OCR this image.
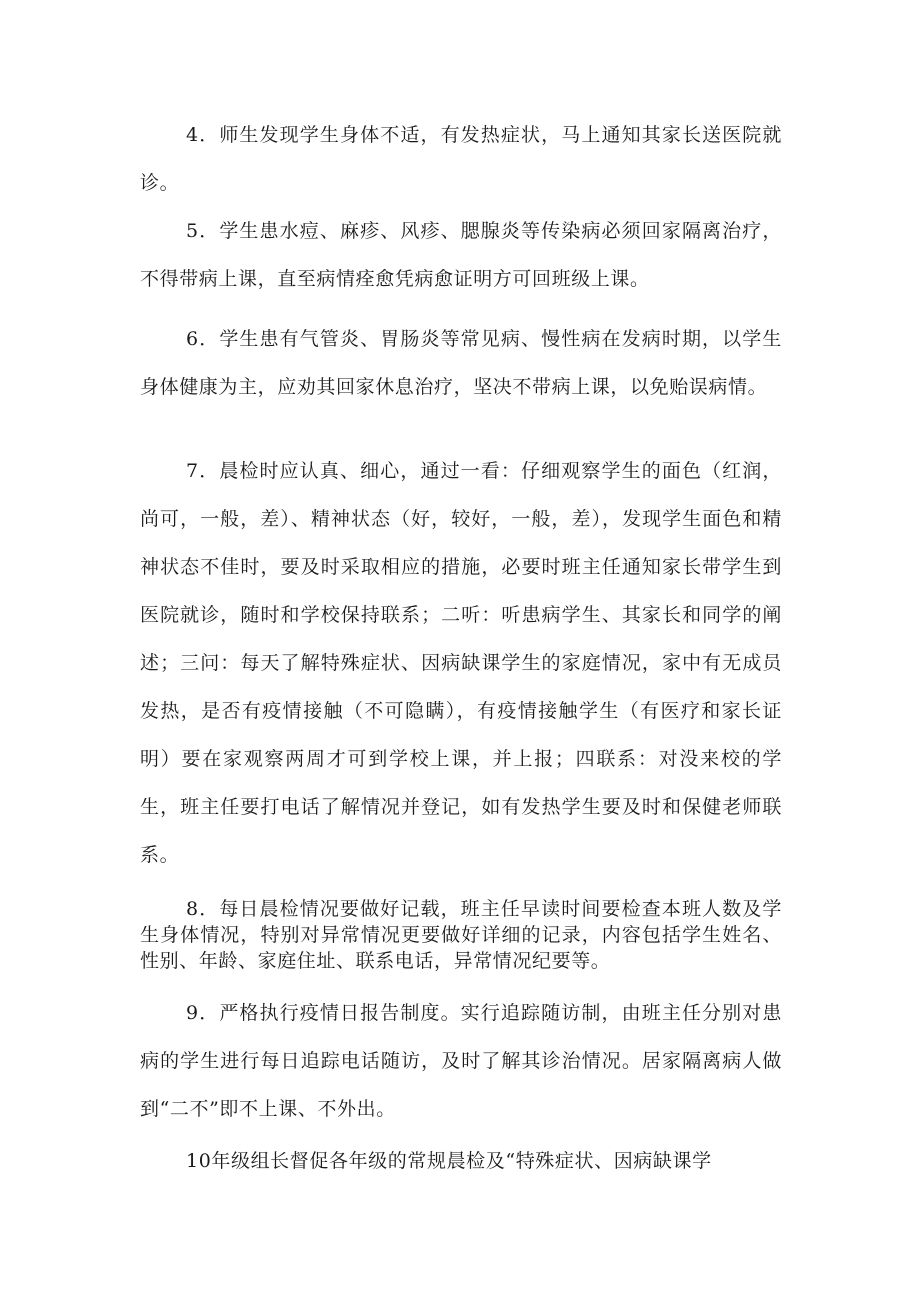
4．师生发现学生身体不适，有发热症状，马上通知其家长送医院就诊。

5．学生患水痘、麻疹、风疹、腮腺炎等传染病必须回家隔离治疗，不得带病上课，直至病情痊愈凭病愈证明方可回班级上课。

6．学生患有气管炎、胃肠炎等常见病、慢性病在发病时期，以学生身体健康为主，应劝其回家休息治疗，坚决不带病上课，以免贻误病情。

7．晨检时应认真、细心，通过一看：仔细观察学生的面色（红润，尚可，一般，差）、精神状态（好，较好，一般，差），发现学生面色和精神状态不佳时，要及时采取相应的措施，必要时班主任通知家长带学生到医院就诊，随时和学校保持联系；二听：听患病学生、其家长和同学的阐述；三问：每天了解特殊症状、因病缺课学生的家庭情况，家中有无成员发热，是否有疫情接触（不可隐瞒），有疫情接触学生（有医疗和家长证明）要在家观察两周才可到学校上课，并上报；四联系：对没来校的学生，班主任要打电话了解情况并登记，如有发热学生要及时和保健老师联系。

8．每日晨检情况要做好记载，班主任早读时间要检查本班人数及学生身体情况，特别对异常情况更要做好详细的记录，内容包括学生姓名、性别、年龄、家庭住址、联系电话，异常情况纪要等。

9．严格执行疫情日报告制度。实行追踪随访制，由班主任分别对患病的学生进行每日追踪电话随访，及时了解其诊治情况。居家隔离病人做到“二不”即不上课、不外出。

10年级组长督促各年级的常规晨检及“特殊症状、因病缺课学
